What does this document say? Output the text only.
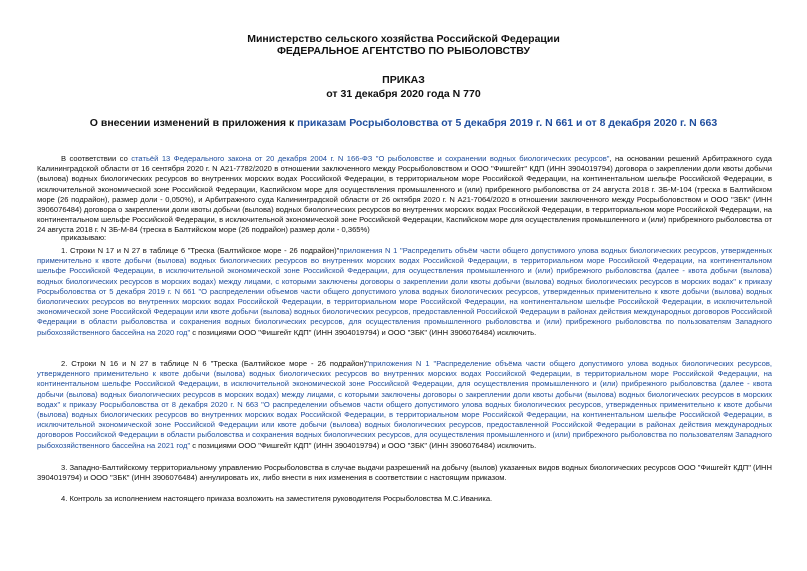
Министерство сельского хозяйства Российской Федерации
ФЕДЕРАЛЬНОЕ АГЕНТСТВО ПО РЫБОЛОВСТВУ
ПРИКАЗ
от 31 декабря 2020 года N 770
О внесении изменений в приложения к приказам Росрыболовства от 5 декабря 2019 г. N 661 и от 8 декабря 2020 г. N 663
В соответствии со статьёй 13 Федерального закона от 20 декабря 2004 г. N 166-ФЗ "О рыболовстве и сохранении водных биологических ресурсов", на основании решений Арбитражного суда Калининградской области от 16 сентября 2020 г. N А21-7782/2020 в отношении заключенного между Росрыболовством и ООО "Фишгейт" КДП (ИНН 3904019794) договора о закреплении доли квоты добычи (вылова) водных биологических ресурсов во внутренних морских водах Российской Федерации, в территориальном море Российской Федерации, на континентальном шельфе Российской Федерации, в исключительной экономической зоне Российской Федерации, Каспийском море для осуществления промышленного и (или) прибрежного рыболовства от 24 августа 2018 г. ЗБ-М-104 (треска в Балтийском море (26 подрайон), размер доли - 0,050%), и Арбитражного суда Калининградской области от 26 октября 2020 г. N А21-7064/2020 в отношении заключенного между Росрыболовством и ООО "ЗБК" (ИНН 3906076484) договора о закреплении доли квоты добычи (вылова) водных биологических ресурсов во внутренних морских водах Российской Федерации, в территориальном море Российской Федерации, на континентальном шельфе Российской Федерации, в исключительной экономической зоне Российской Федерации, Каспийском море для осуществления промышленного и (или) прибрежного рыболовства от 24 августа 2018 г. N ЗБ-М-84 (треска в Балтийском море (26 подрайон) размер доли - 0,365%)
приказываю:
1. Строки N 17 и N 27 в таблице 6 "Треска (Балтийское море - 26 подрайон)"приложения N 1 "Распределить объём части общего допустимого улова водных биологических ресурсов, утвержденных применительно к квоте добычи (вылова) водных биологических ресурсов во внутренних морских водах Российской Федерации, в территориальном море Российской Федерации, на континентальном шельфе Российской Федерации, в исключительной экономической зоне Российской Федерации, для осуществления промышленного и (или) прибрежного рыболовства (далее - квота добычи (вылова) водных биологических ресурсов в морских водах) между лицами, с которыми заключены договоры о закреплении доли квоты добычи (вылова) водных биологических ресурсов в морских водах" к приказу Росрыболовства от 5 декабря 2019 г. N 661 "О распределении объемов части общего допустимого улова водных биологических ресурсов, утвержденных применительно к квоте добычи (вылова) водных биологических ресурсов во внутренних морских водах Российской Федерации, в территориальном море Российской Федерации, на континентальном шельфе Российской Федерации, в исключительной экономической зоне Российской Федерации или квоте добычи (вылова) водных биологических ресурсов, предоставленной Российской Федерации в районах действия международных договоров Российской Федерации в области рыболовства и сохранения водных биологических ресурсов, для осуществления промышленного рыболовства и (или) прибрежного рыболовства по пользователям Западного рыбохозяйственного бассейна на 2020 год" с позициями ООО "Фишгейт КДП" (ИНН 3904019794) и ООО "ЗБК" (ИНН 3906076484) исключить.
2. Строки N 16 и N 27 в таблице N 6 "Треска (Балтийское море - 26 подрайон)"приложения N 1 "Распределение объёма части общего допустимого улова водных биологических ресурсов, утвержденного применительно к квоте добычи (вылова) водных биологических ресурсов во внутренних морских водах Российской Федерации, в территориальном море Российской Федерации, на континентальном шельфе Российской Федерации, в исключительной экономической зоне Российской Федерации, для осуществления промышленного и (или) прибрежного рыболовства (далее - квота добычи (вылова) водных биологических ресурсов в морских водах) между лицами, с которыми заключены договоры о закреплении доли квоты добычи (вылова) водных биологических ресурсов в морских водах" к приказу Росрыболовства от 8 декабря 2020 г. N 663 "О распределении объемов части общего допустимого улова водных биологических ресурсов, утвержденных применительно к квоте добычи (вылова) водных биологических ресурсов во внутренних морских водах Российской Федерации, в территориальном море Российской Федерации, на континентальном шельфе Российской Федерации, в исключительной экономической зоне Российской Федерации или квоте добычи (вылова) водных биологических ресурсов, предоставленной Российской Федерации в районах действия международных договоров Российской Федерации в области рыболовства и сохранения водных биологических ресурсов, для осуществления промышленного и (или) прибрежного рыболовства по пользователям Западного рыбохозяйственного бассейна на 2021 год" с позициями ООО "Фишгейт КДП" (ИНН 3904019794) и ООО "ЗБК" (ИНН 3906076484) исключить.
3. Западно-Балтийскому территориальному управлению Росрыболовства в случае выдачи разрешений на добычу (вылов) указанных видов водных биологических ресурсов ООО "Фишгейт КДП" (ИНН 3904019794) и ООО "ЗБК" (ИНН 3906076484) аннулировать их, либо внести в них изменения в соответствии с настоящим приказом.
4. Контроль за исполнением настоящего приказа возложить на заместителя руководителя Росрыболовства М.С.Иваника.
